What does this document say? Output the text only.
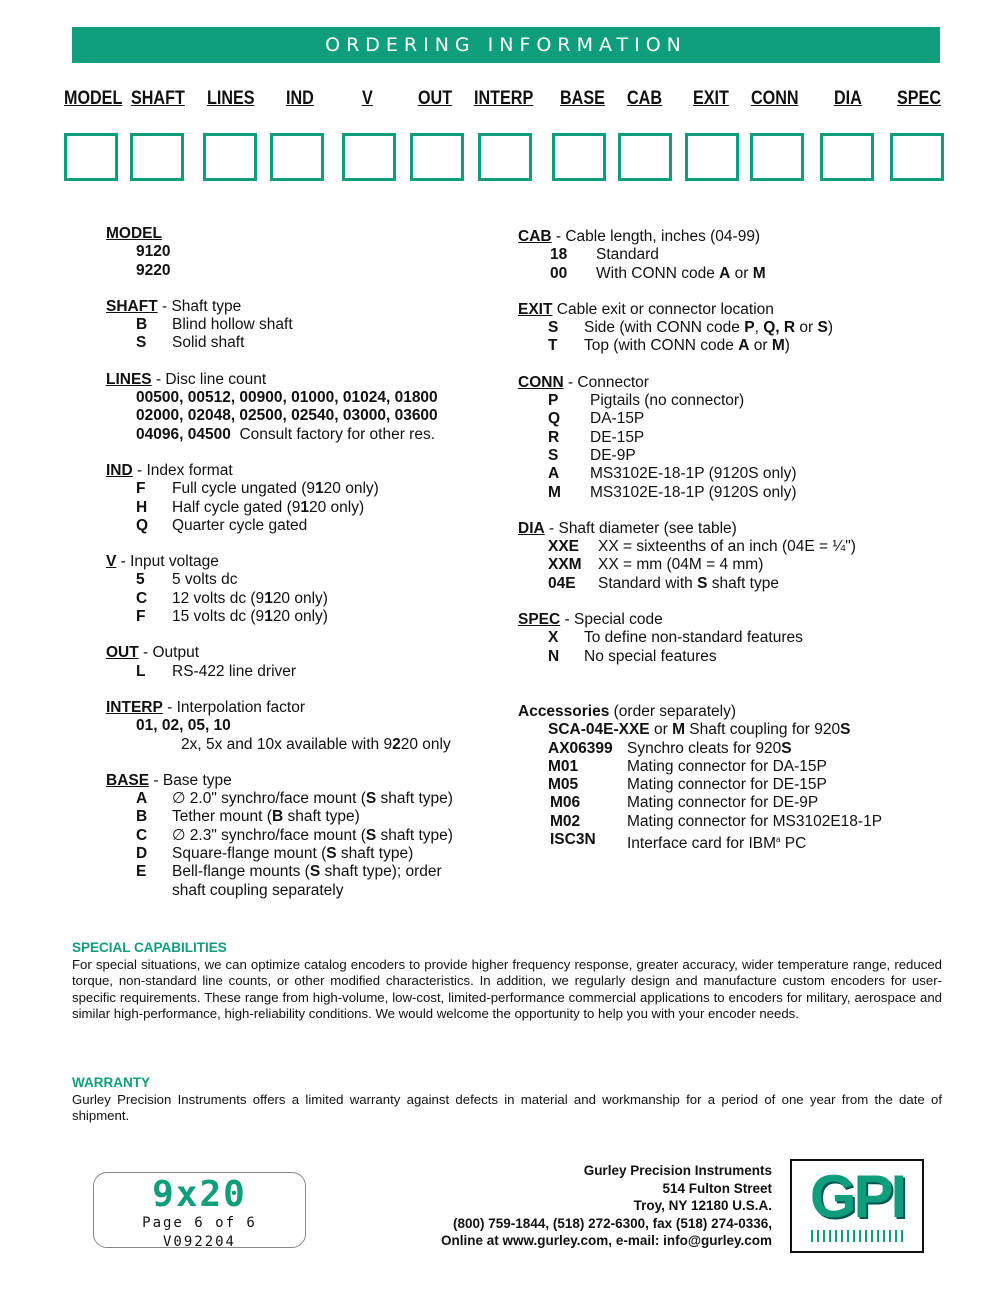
ORDERING INFORMATION
MODEL SHAFT LINES IND	V OUT INTERP BASE CAB EXIT CONN DIA SPEC
MODEL
9120
9220
SHAFT - Shaft type
B	Blind hollow shaft
S	Solid shaft
LINES - Disc line count
00500, 00512, 00900, 01000, 01024, 01800
02000, 02048, 02500, 02540, 03000, 03600
04096, 04500 Consult factory for other res.
IND - Index format
F	Full cycle ungated (9120 only)
H	Half cycle gated (9120 only)
Q	Quarter cycle gated
V - Input voltage
5	5 volts dc
C	12 volts dc (9120 only)
F	15 volts dc (9120 only)
OUT - Output
L	RS-422 line driver
INTERP - Interpolation factor
01, 02, 05, 10
2x, 5x and 10x available with 9220 only
BASE - Base type
A	∅ 2.0" synchro/face mount (S shaft type)
B	Tether mount (B shaft type)
C	∅ 2.3" synchro/face mount (S shaft type)
D	Square-flange mount (S shaft type)
E	Bell-flange mounts (S shaft type); order
shaft coupling separately
CAB - Cable length, inches (04-99)
18	Standard
00	With CONN code A or M
EXIT Cable exit or connector location
S	Side (with CONN code P, Q, R or S)
T	Top (with CONN code A or M)
CONN - Connector
P	Pigtails (no connector)
Q	DA-15P
R	DE-15P
S	DE-9P
A	MS3102E-18-1P (9120S only)
M	MS3102E-18-1P (9120S only)
DIA - Shaft diameter (see table)
XXE	XX = sixteenths of an inch (04E = ¼")
XXM	XX = mm (04M = 4 mm)
04E	Standard with S shaft type
SPEC - Special code
X	To define non-standard features
N	No special features
Accessories (order separately)
SCA-04E-XXE or M Shaft coupling for 920S
AX06399 Synchro cleats for 920S
M01	Mating connector for DA-15P
M05	Mating connector for DE-15P
M06	Mating connector for DE-9P
M02	Mating connector for MS3102E18-1P
ISC3N	Interface card for IBM$^a$ PC
SPECIAL CAPABILITIES
For special situations, we can optimize catalog encoders to provide higher frequency response, greater accuracy, wider temperature range, reduced torque, non-standard line counts, or other modified characteristics. In addition, we regularly design and manufacture custom encoders for user-specific requirements. These range from high-volume, low-cost, limited-performance commercial applications to encoders for military, aerospace and similar high-performance, high-reliability conditions. We would welcome the opportunity to help you with your encoder needs.
WARRANTY
Gurley Precision Instruments offers a limited warranty against defects in material and workmanship for a period of one year from the date of shipment.
9x20
Page 6 of 6
V092204
Gurley Precision Instruments
514 Fulton Street
Troy, NY 12180 U.S.A.
(800) 759-1844, (518) 272-6300, fax (518) 274-0336,
Online at www.gurley.com, e-mail: info@gurley.com
GPI
